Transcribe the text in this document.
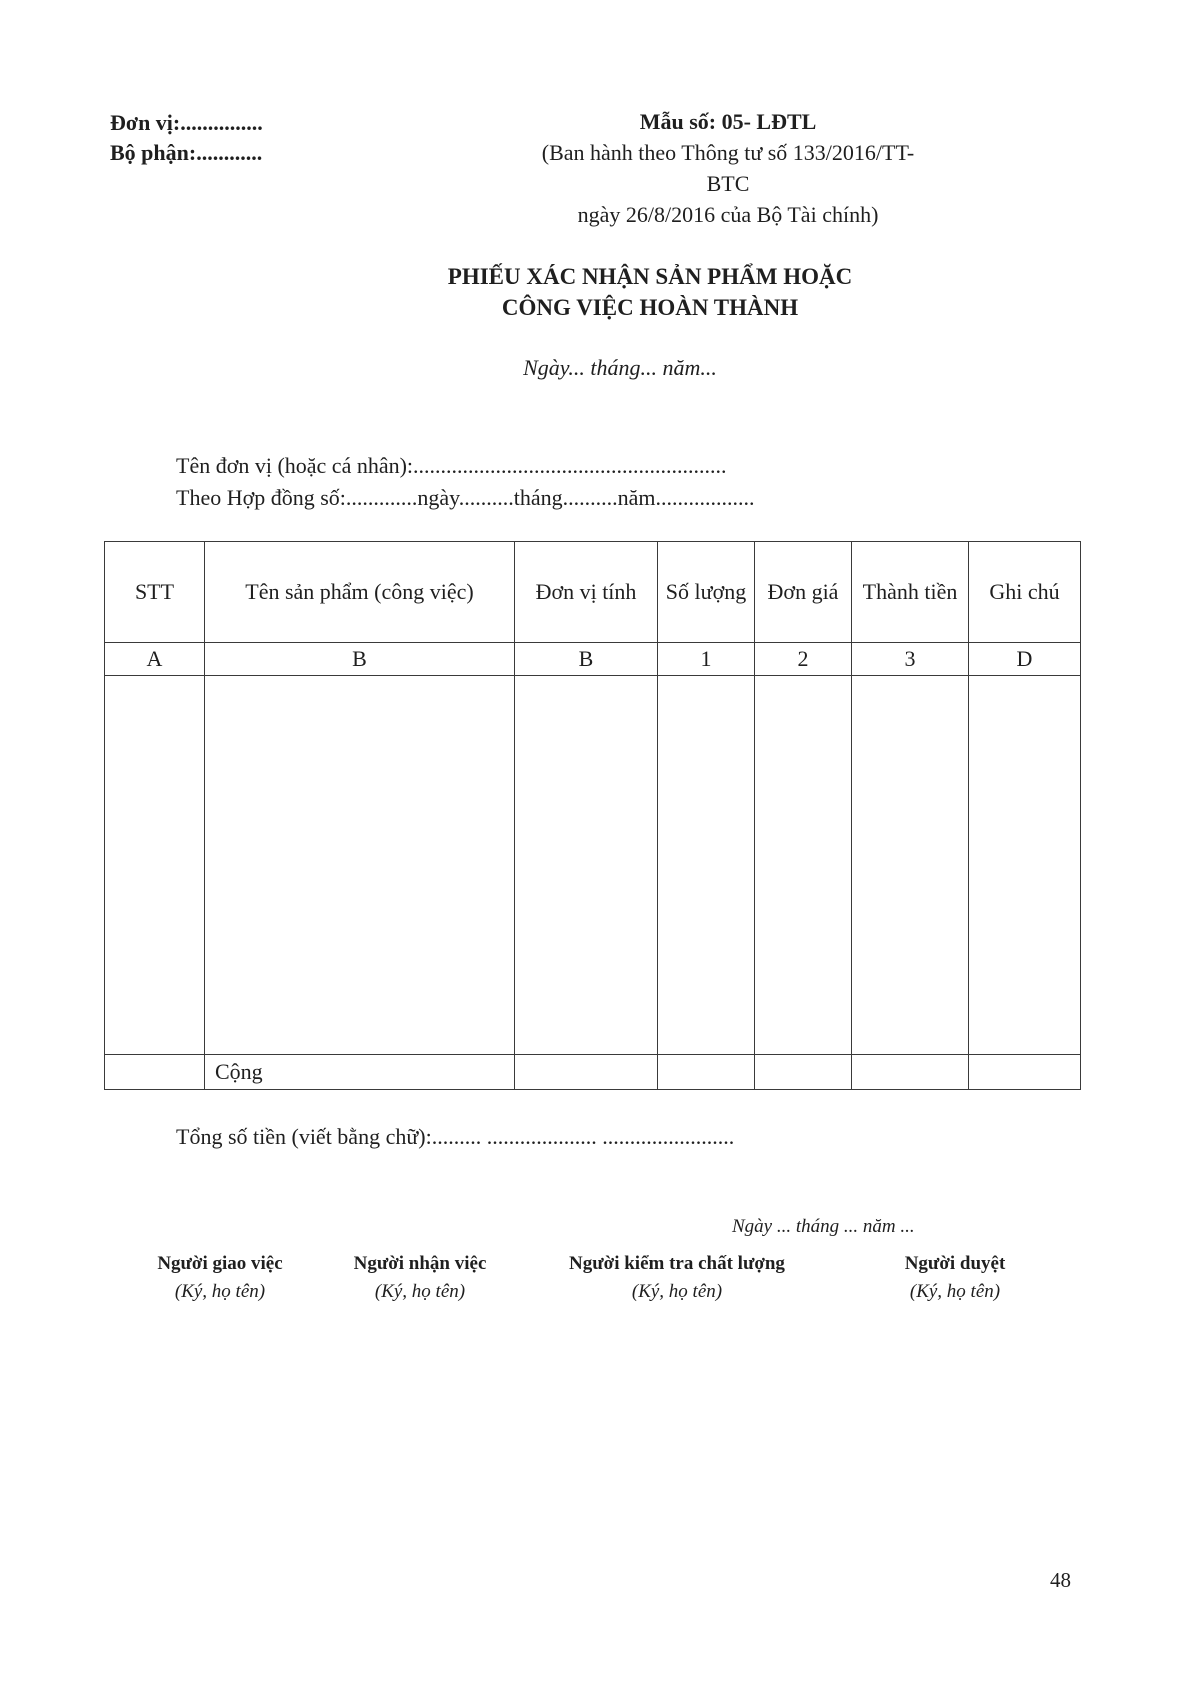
Đơn vị:...............
Bộ phận:............
Mẫu số: 05- LĐTL
(Ban hành theo Thông tư số 133/2016/TT-
BTC
ngày 26/8/2016 của Bộ Tài chính)
PHIẾU XÁC NHẬN SẢN PHẨM HOẶC
CÔNG VIỆC HOÀN THÀNH
Ngày... tháng... năm...
Tên đơn vị (hoặc cá nhân):.........................................................
Theo Hợp đồng số:.............ngày..........tháng..........năm..................
STT	Tên sản phẩm (công việc)	Đơn vị tính	Số lượng	Đơn giá	Thành tiền	Ghi chú
A	B	B	1	2	3	D

	Cộng					
Tổng số tiền (viết bằng chữ):......... .................... ........................
Ngày ... tháng ... năm ...
Người giao việc
(Ký, họ tên)
Người nhận việc
(Ký, họ tên)
Người kiểm tra chất lượng
(Ký, họ tên)
Người duyệt
(Ký, họ tên)
48
